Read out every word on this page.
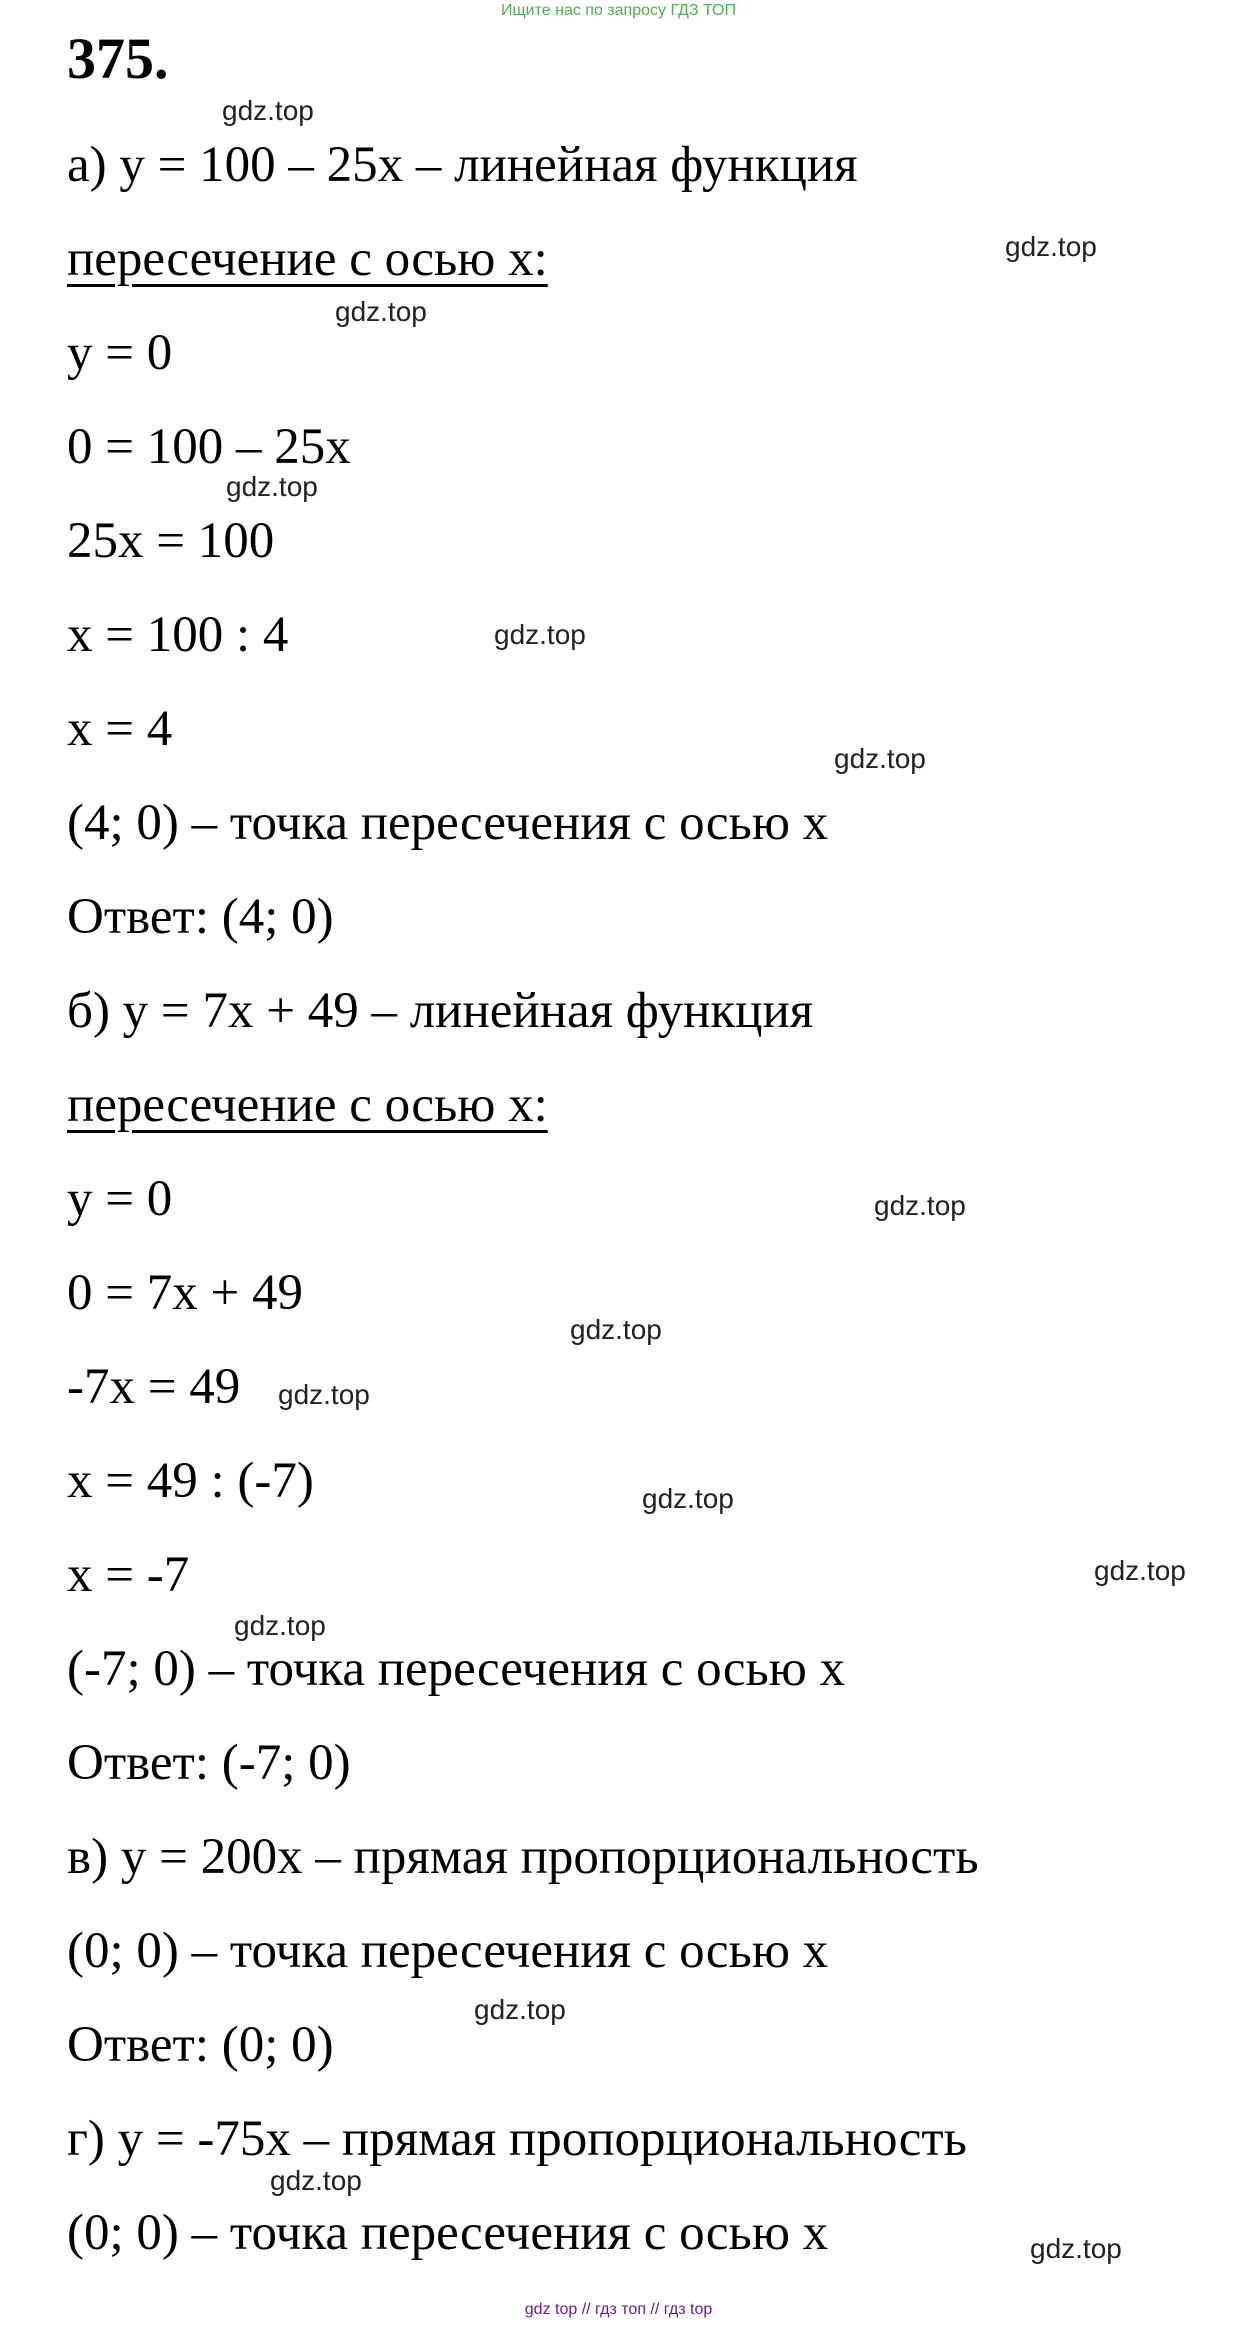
Ищите нас по запросу ГДЗ ТОП
375.
а) y = 100 – 25x – линейная функция
пересечение с осью x:
y = 0
0 = 100 – 25x
25x = 100
x = 100 : 4
x = 4
(4; 0) – точка пересечения с осью x
Ответ: (4; 0)
б) y = 7x + 49 – линейная функция
пересечение с осью x:
y = 0
0 = 7x + 49
-7x = 49
x = 49 : (-7)
x = -7
(-7; 0) – точка пересечения с осью x
Ответ: (-7; 0)
в) y = 200x – прямая пропорциональность
(0; 0) – точка пересечения с осью x
Ответ: (0; 0)
г) y = -75x – прямая пропорциональность
(0; 0) – точка пересечения с осью x
gdz.top
gdz.top
gdz.top
gdz.top
gdz.top
gdz.top
gdz.top
gdz.top
gdz.top
gdz.top
gdz.top
gdz.top
gdz.top
gdz.top
gdz.top
gdz top // гдз топ // гдз top
